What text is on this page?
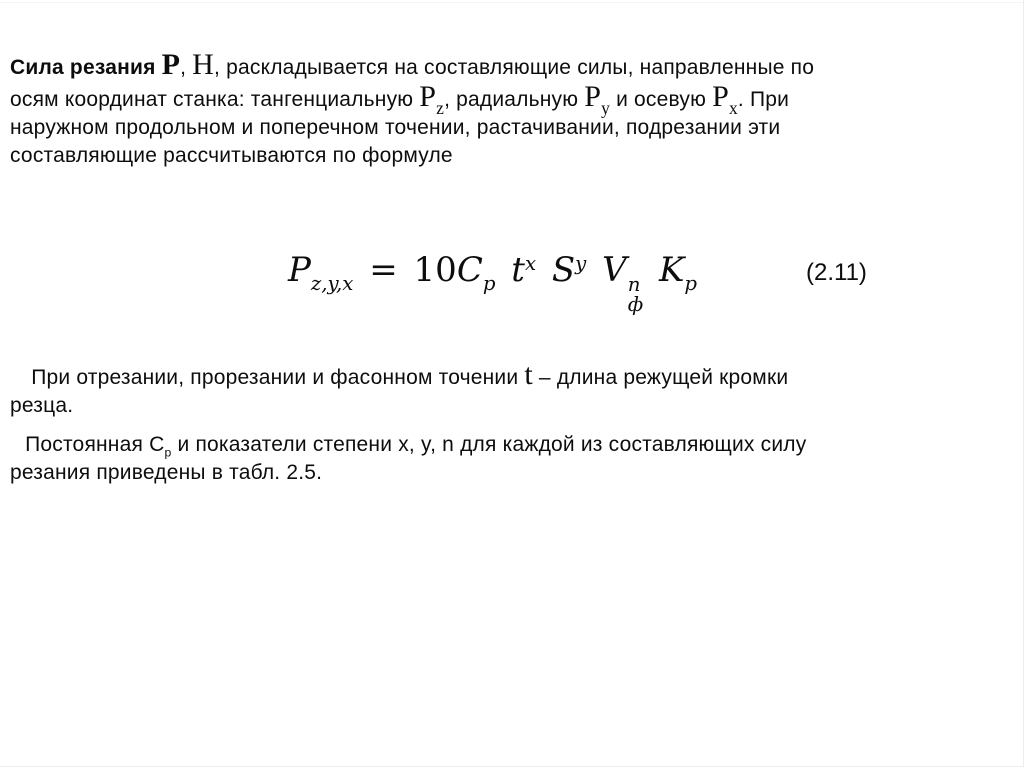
Сила резания P, H, раскладывается на составляющие силы, направленные по
осям координат станка: тангенциальную $P_z$, радиальную $P_y$ и осевую $P_x$. При
наружном продольном и поперечном точении, растачивании, подрезании эти
составляющие рассчитываются по формуле
$P_{z,y,x} = 10C_p$ $t^x$ $S^y$ V n
ф
$K_p$	(2.11)
 При отрезании, прорезании и фасонном точении t – длина режущей кромки
резца.
  Постоянная $C_p$ и показатели степени x, y, n для каждой из составляющих силу
резания приведены в табл. 2.5.
